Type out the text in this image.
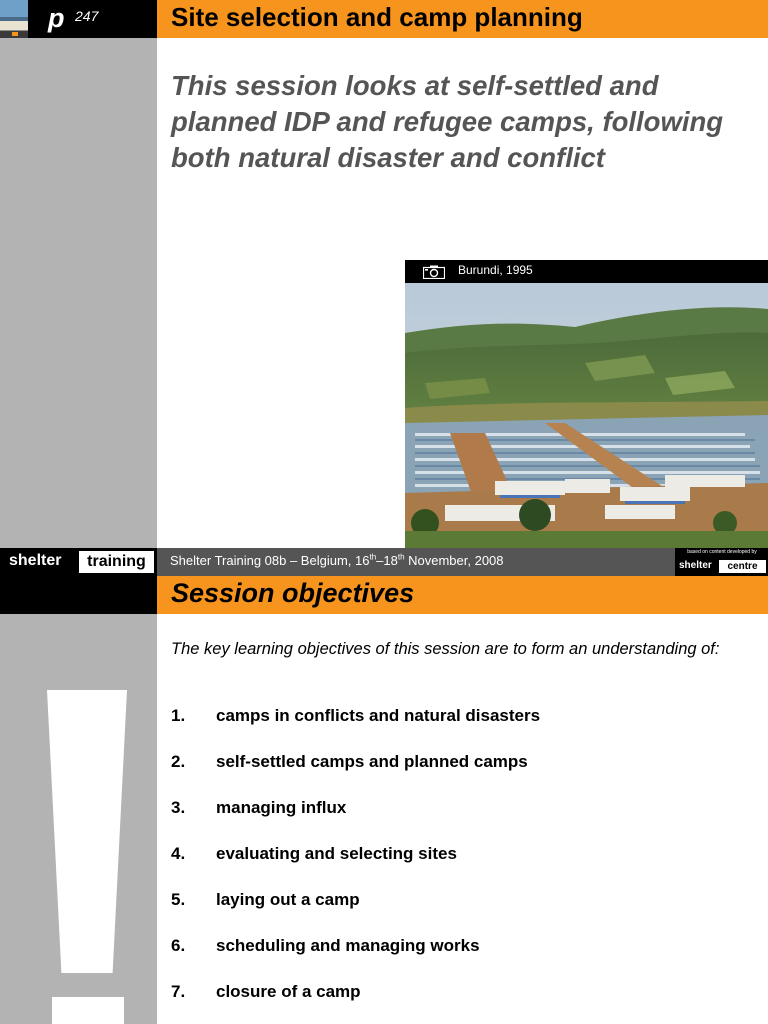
p 247	Site selection and camp planning
This session looks at self-settled and planned IDP and refugee camps, following both natural disaster and conflict
Burundi, 1995
shelter	training	Shelter Training 08b – Belgium, 16th–18th November, 2008
based on content developed by
shelter	centre
Session objectives
The key learning objectives of this session are to form an understanding of:
1.	camps in conflicts and natural disasters
2.	self-settled camps and planned camps
3.	managing influx
4.	evaluating and selecting sites
5.	laying out a camp
6.	scheduling and managing works
7.	closure of a camp
